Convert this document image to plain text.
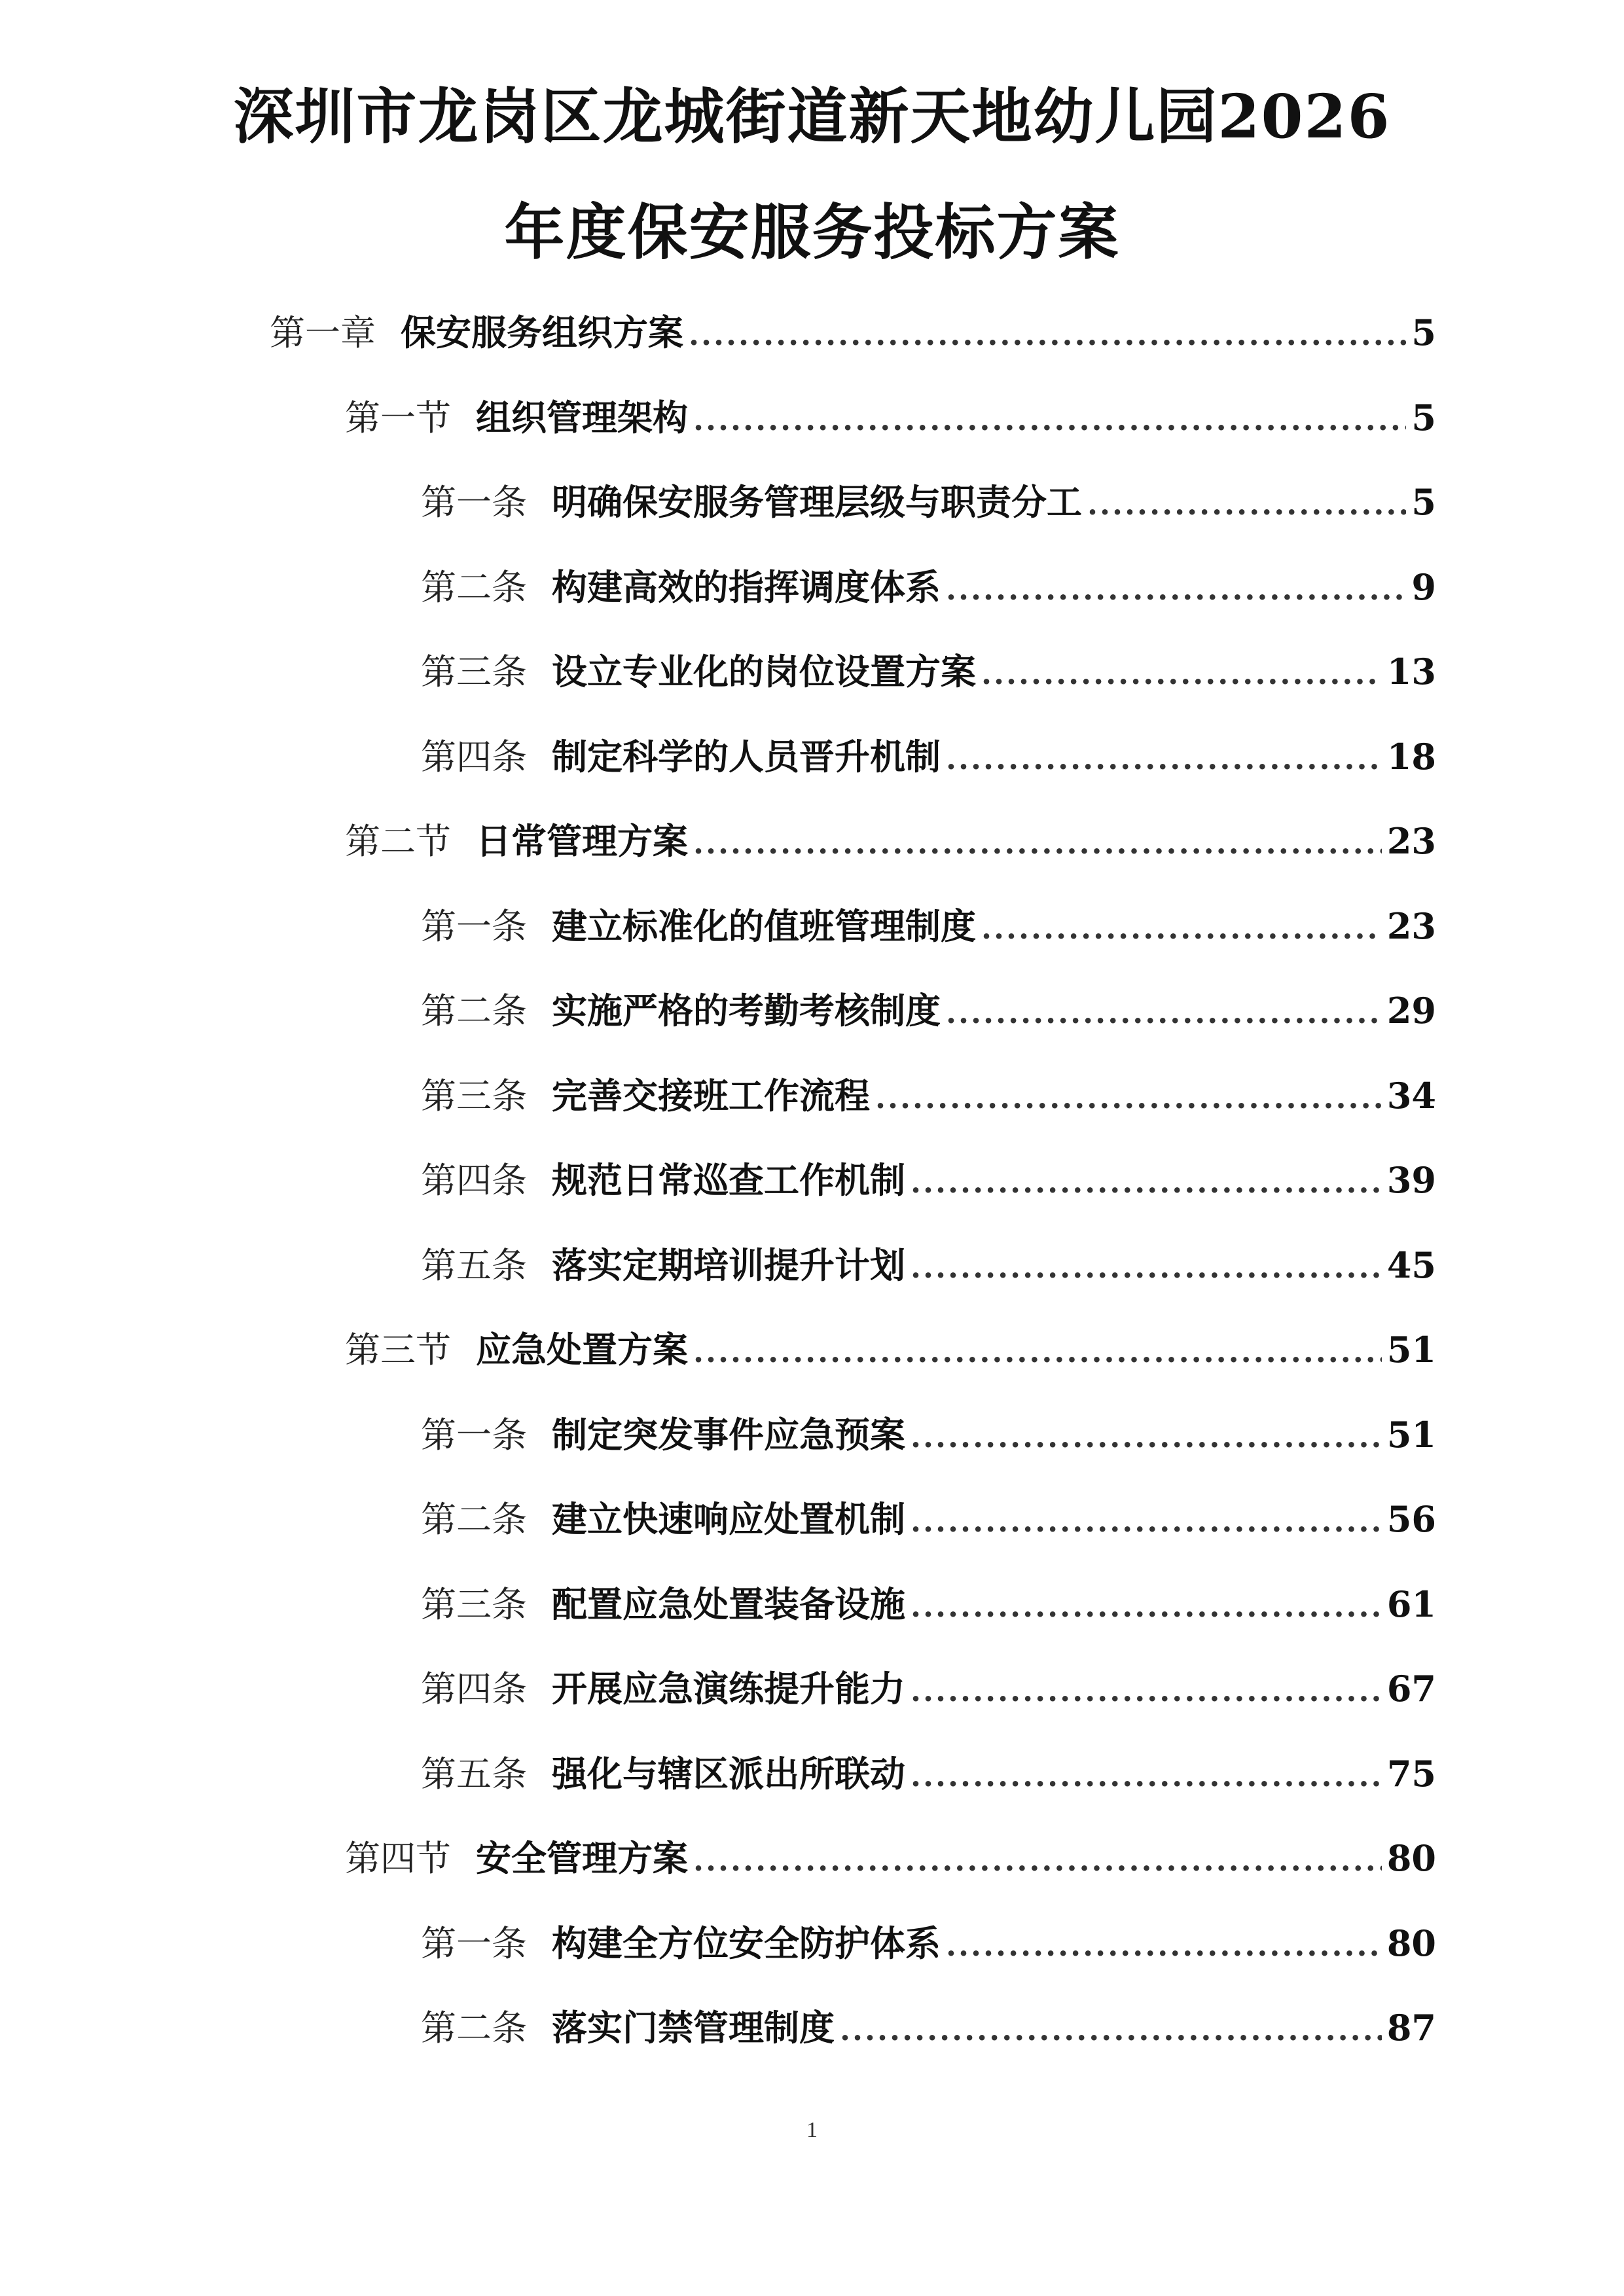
深圳市龙岗区龙城街道新天地幼儿园2026
年度保安服务投标方案
第一章 保安服务组织方案 .....	5
第一节 组织管理架构 .....	5
第一条 明确保安服务管理层级与职责分工 .....	5
第二条 构建高效的指挥调度体系 .....	9
第三条 设立专业化的岗位设置方案 .....	13
第四条 制定科学的人员晋升机制 .....	18
第二节 日常管理方案 .....	23
第一条 建立标准化的值班管理制度 .....	23
第二条 实施严格的考勤考核制度 .....	29
第三条 完善交接班工作流程 .....	34
第四条 规范日常巡查工作机制 .....	39
第五条 落实定期培训提升计划 .....	45
第三节 应急处置方案 .....	51
第一条 制定突发事件应急预案 .....	51
第二条 建立快速响应处置机制 .....	56
第三条 配置应急处置装备设施 .....	61
第四条 开展应急演练提升能力 .....	67
第五条 强化与辖区派出所联动 .....	75
第四节 安全管理方案 .....	80
第一条 构建全方位安全防护体系 .....	80
第二条 落实门禁管理制度 .....	87
1
